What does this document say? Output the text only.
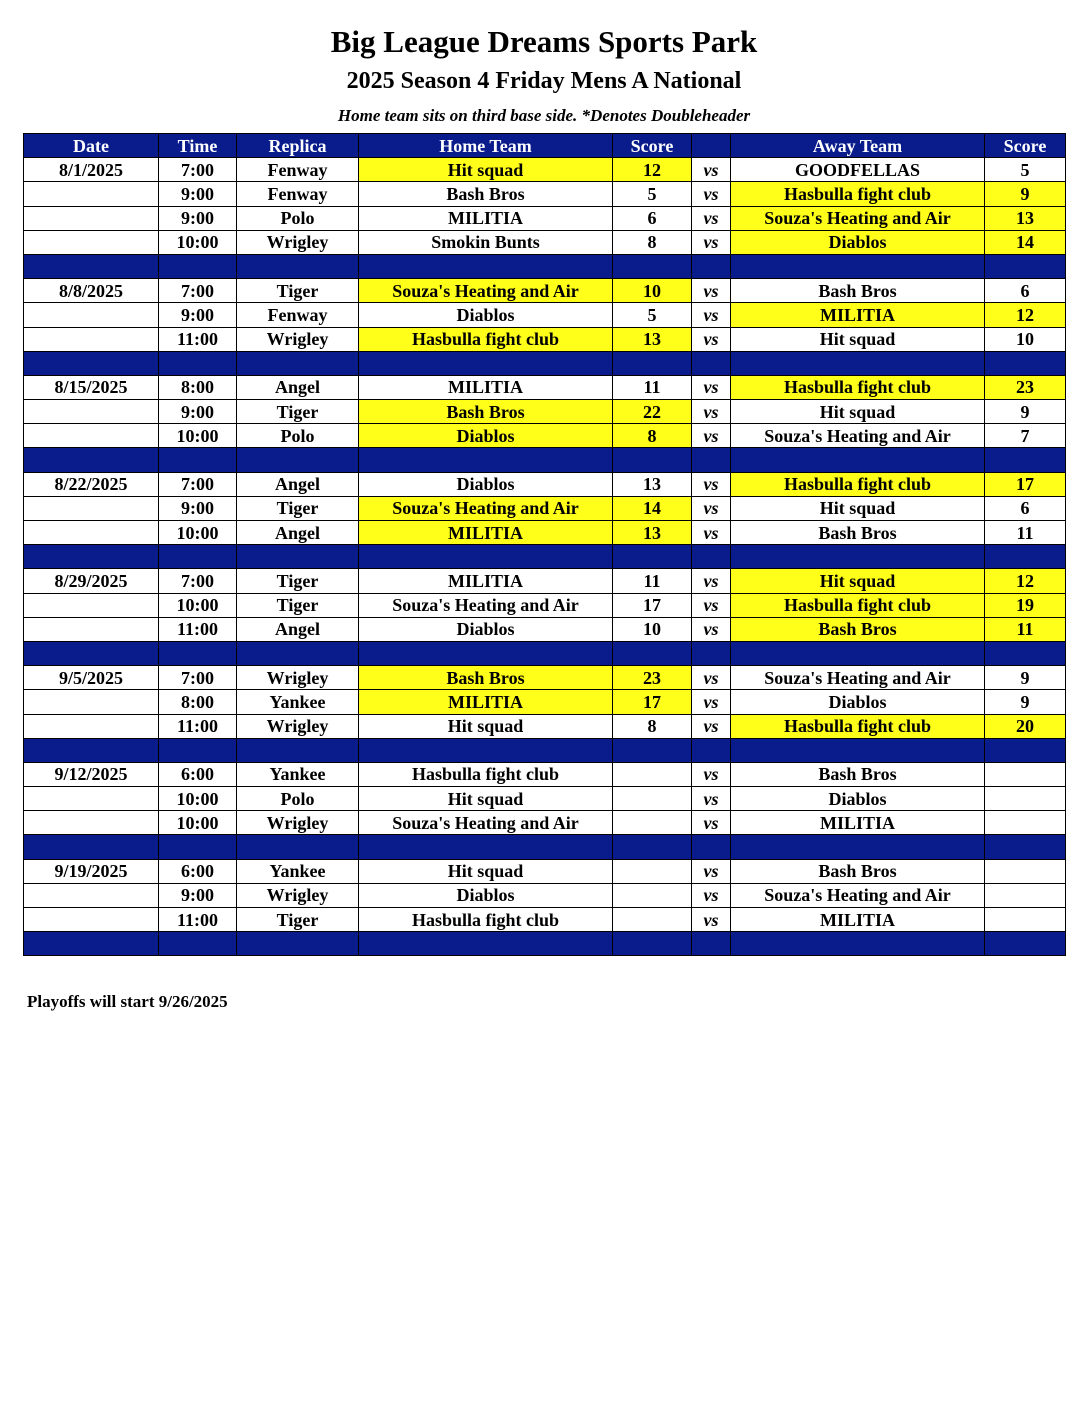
Big League Dreams Sports Park
2025 Season 4 Friday Mens A National
Home team sits on third base side. *Denotes Doubleheader
Date	Time	Replica	Home Team	Score		Away Team	Score
8/1/2025	7:00	Fenway	Hit squad	12	vs	GOODFELLAS	5
	9:00	Fenway	Bash Bros	5	vs	Hasbulla fight club	9
	9:00	Polo	MILITIA	6	vs	Souza's Heating and Air	13
	10:00	Wrigley	Smokin Bunts	8	vs	Diablos	14

8/8/2025	7:00	Tiger	Souza's Heating and Air	10	vs	Bash Bros	6
	9:00	Fenway	Diablos	5	vs	MILITIA	12
	11:00	Wrigley	Hasbulla fight club	13	vs	Hit squad	10

8/15/2025	8:00	Angel	MILITIA	11	vs	Hasbulla fight club	23
	9:00	Tiger	Bash Bros	22	vs	Hit squad	9
	10:00	Polo	Diablos	8	vs	Souza's Heating and Air	7

8/22/2025	7:00	Angel	Diablos	13	vs	Hasbulla fight club	17
	9:00	Tiger	Souza's Heating and Air	14	vs	Hit squad	6
	10:00	Angel	MILITIA	13	vs	Bash Bros	11

8/29/2025	7:00	Tiger	MILITIA	11	vs	Hit squad	12
	10:00	Tiger	Souza's Heating and Air	17	vs	Hasbulla fight club	19
	11:00	Angel	Diablos	10	vs	Bash Bros	11

9/5/2025	7:00	Wrigley	Bash Bros	23	vs	Souza's Heating and Air	9
	8:00	Yankee	MILITIA	17	vs	Diablos	9
	11:00	Wrigley	Hit squad	8	vs	Hasbulla fight club	20

9/12/2025	6:00	Yankee	Hasbulla fight club		vs	Bash Bros	
	10:00	Polo	Hit squad		vs	Diablos	
	10:00	Wrigley	Souza's Heating and Air		vs	MILITIA	

9/19/2025	6:00	Yankee	Hit squad		vs	Bash Bros	
	9:00	Wrigley	Diablos		vs	Souza's Heating and Air	
	11:00	Tiger	Hasbulla fight club		vs	MILITIA	

Playoffs will start 9/26/2025
